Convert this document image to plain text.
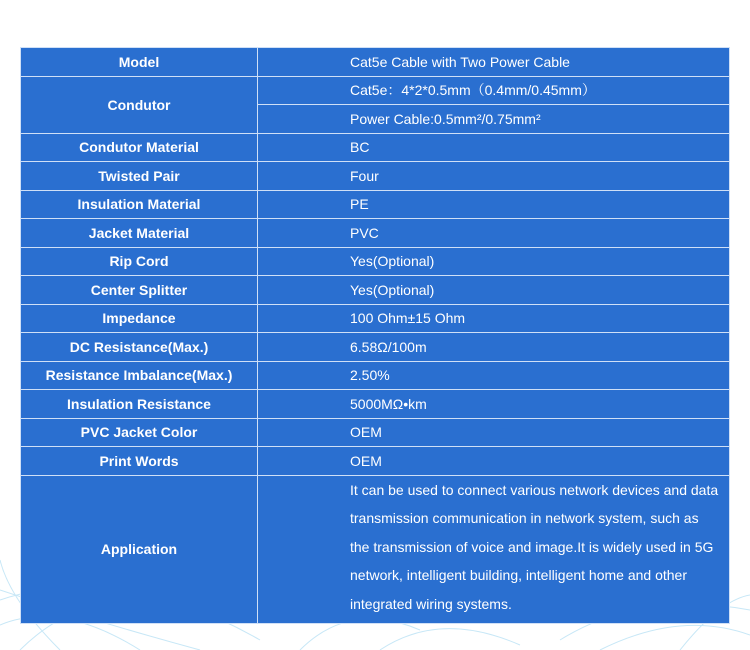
Model	Cat5e Cable with Two Power Cable
Condutor	Cat5e：4*2*0.5mm（0.4mm/0.45mm）
	Power Cable:0.5mm²/0.75mm²
Condutor Material	BC
Twisted Pair	Four
Insulation Material	PE
Jacket Material	PVC
Rip Cord	Yes(Optional)
Center Splitter	Yes(Optional)
Impedance	100 Ohm±15 Ohm
DC Resistance(Max.)	6.58Ω/100m
Resistance Imbalance(Max.)	2.50%
Insulation Resistance	5000MΩ•km
PVC Jacket Color	OEM
Print Words	OEM
Application	It can be used to connect various network devices and data transmission communication in network system, such as the transmission of voice and image.It is widely used in 5G network, intelligent building, intelligent home and other integrated wiring systems.
